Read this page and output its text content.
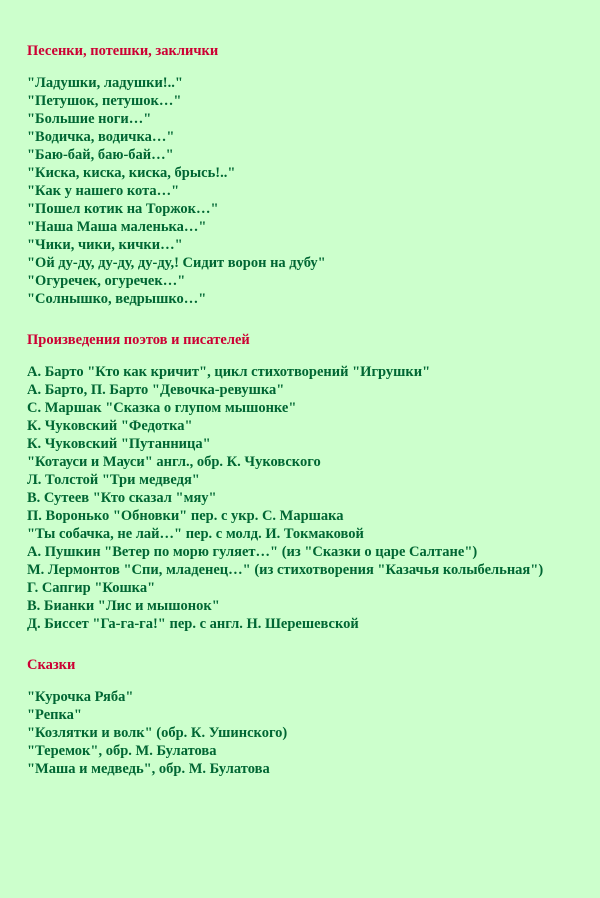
Песенки, потешки, заклички
"Ладушки, ладушки!.."
"Петушок, петушок…"
"Большие ноги…"
"Водичка, водичка…"
"Баю-бай, баю-бай…"
"Киска, киска, киска, брысь!.."
"Как у нашего кота…"
"Пошел котик на Торжок…"
"Наша Маша маленька…"
"Чики, чики, кички…"
"Ой ду-ду, ду-ду, ду-ду,! Сидит ворон на дубу"
"Огуречек, огуречек…"
"Солнышко, ведрышко…"
Произведения поэтов и писателей
А. Барто "Кто как кричит", цикл стихотворений "Игрушки"
А. Барто, П. Барто "Девочка-ревушка"
С. Маршак "Сказка о глупом мышонке"
К. Чуковский "Федотка"
К. Чуковский "Путанница"
"Котауси и Мауси" англ., обр. К. Чуковского
Л. Толстой "Три медведя"
В. Сутеев "Кто сказал "мяу"
П. Воронько "Обновки" пер. с укр. С. Маршака
"Ты собачка, не лай…" пер. с молд. И. Токмаковой
А. Пушкин "Ветер по морю гуляет…" (из "Сказки о царе Салтане")
М. Лермонтов "Спи, младенец…" (из стихотворения "Казачья колыбельная")
Г. Сапгир "Кошка"
В. Бианки "Лис и мышонок"
Д. Биссет "Га-га-га!" пер. с англ. Н. Шерешевской
Сказки
"Курочка Ряба"
"Репка"
"Козлятки и волк" (обр. К. Ушинского)
"Теремок", обр. М. Булатова
"Маша и медведь", обр. М. Булатова
